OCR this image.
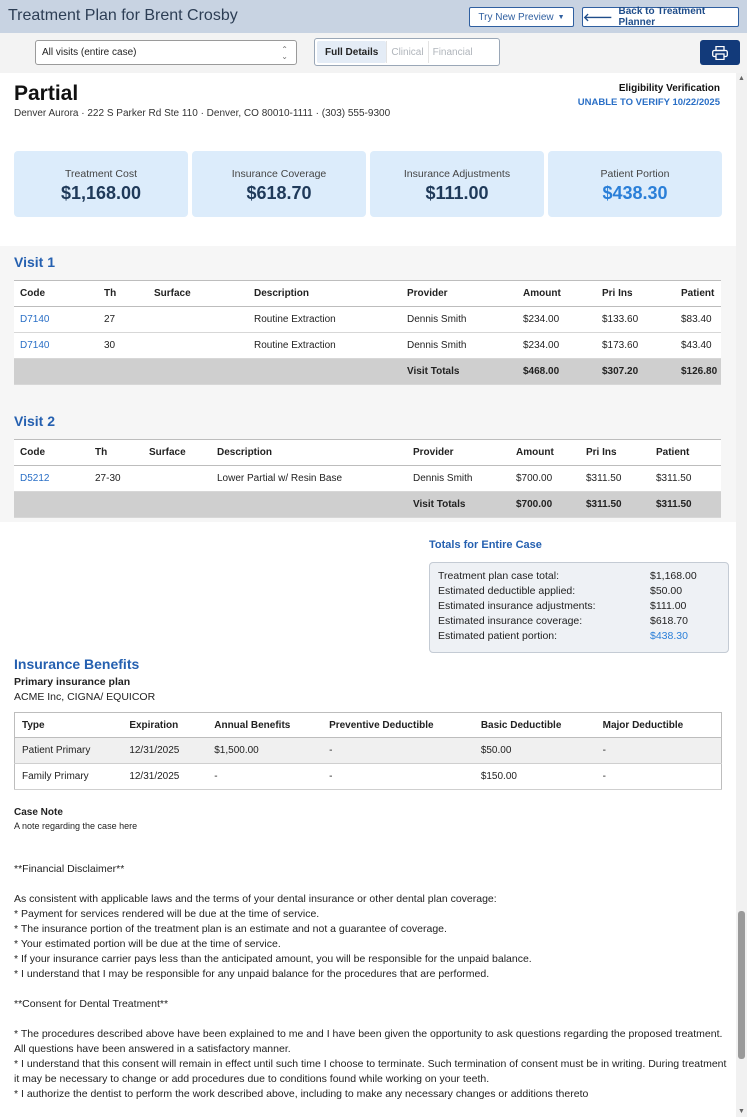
Treatment Plan for Brent Crosby	Try New Preview ▼ 🡐
Back to Treatment Planner
All visits (entire case)	⌃
⌄	Full Details	Clinical Financial
▲
▼
Partial
Denver Aurora · 222 S Parker Rd Ste 110 · Denver, CO 80010-1111 · (303) 555-9300
Eligibility Verification
UNABLE TO VERIFY 10/22/2025
Treatment Cost
$1,168.00
Insurance Coverage
$618.70
Insurance Adjustments
$111.00
Patient Portion
$438.30
Visit 1
Code	Th	Surface	Description	Provider	Amount	Pri Ins	Patient
D7140	27		Routine Extraction	Dennis Smith	$234.00	$133.60	$83.40
D7140	30		Routine Extraction	Dennis Smith	$234.00	$173.60	$43.40
				Visit Totals	$468.00	$307.20	$126.80
Visit 2
Code	Th	Surface	Description	Provider	Amount	Pri Ins	Patient
D5212	27-30		Lower Partial w/ Resin Base	Dennis Smith	$700.00	$311.50	$311.50
				Visit Totals	$700.00	$311.50	$311.50
Totals for Entire Case
Treatment plan case total:	$1,168.00
Estimated deductible applied:	$50.00
Estimated insurance adjustments:	$111.00
Estimated insurance coverage:	$618.70
Estimated patient portion:	$438.30
Insurance Benefits
Primary insurance plan
ACME Inc, CIGNA/ EQUICOR
Type	Expiration	Annual Benefits	Preventive Deductible	Basic Deductible	Major Deductible
Patient Primary	12/31/2025	$1,500.00	-	$50.00	-
Family Primary	12/31/2025	-	-	$150.00	-
Case Note
A note regarding the case here

**Financial Disclaimer**

As consistent with applicable laws and the terms of your dental insurance or other dental plan coverage:

* Payment for services rendered will be due at the time of service.

* The insurance portion of the treatment plan is an estimate and not a guarantee of coverage.

* Your estimated portion will be due at the time of service.

* If your insurance carrier pays less than the anticipated amount, you will be responsible for the unpaid balance.

* I understand that I may be responsible for any unpaid balance for the procedures that are performed.

**Consent for Dental Treatment**

* The procedures described above have been explained to me and I have been given the opportunity to ask questions regarding the proposed treatment. All questions have been answered in a satisfactory manner.

* I understand that this consent will remain in effect until such time I choose to terminate. Such termination of consent must be in writing. During treatment it may be necessary to change or add procedures due to conditions found while working on your teeth.

* I authorize the dentist to perform the work described above, including to make any necessary changes or additions thereto
